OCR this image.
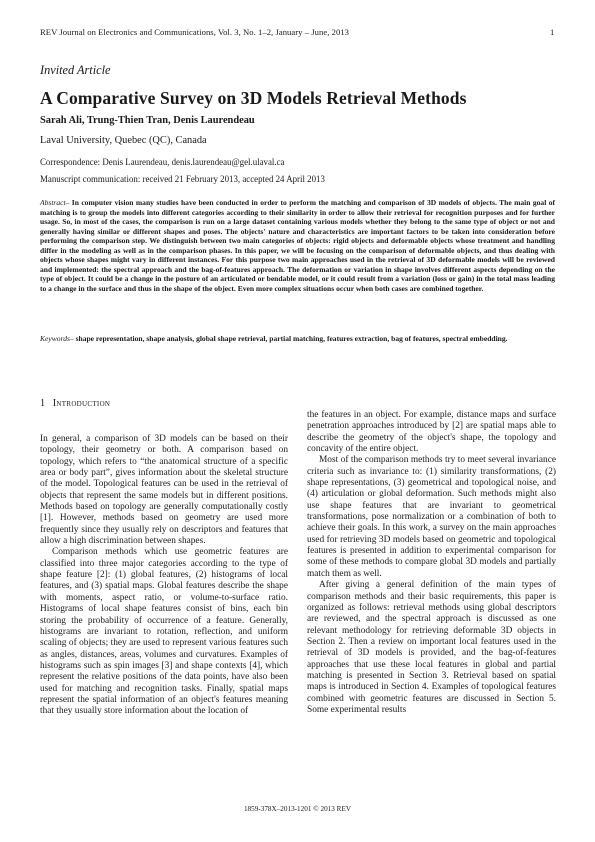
REV Journal on Electronics and Communications, Vol. 3, No. 1–2, January – June, 2013	1
Invited Article
A Comparative Survey on 3D Models Retrieval Methods
Sarah Ali, Trung-Thien Tran, Denis Laurendeau
Laval University, Quebec (QC), Canada
Correspondence: Denis Laurendeau, denis.laurendeau@gel.ulaval.ca
Manuscript communication: received 21 February 2013, accepted 24 April 2013
Abstract– In computer vision many studies have been conducted in order to perform the matching and comparison of 3D models of objects. The main goal of matching is to group the models into different categories according to their similarity in order to allow their retrieval for recognition purposes and for further usage. So, in most of the cases, the comparison is run on a large dataset containing various models whether they belong to the same type of object or not and generally having similar or different shapes and poses. The objects' nature and characteristics are important factors to be taken into consideration before performing the comparison step. We distinguish between two main categories of objects: rigid objects and deformable objects whose treatment and handling differ in the modeling as well as in the comparison phases. In this paper, we will be focusing on the comparison of deformable objects, and thus dealing with objects whose shapes might vary in different instances. For this purpose two main approaches used in the retrieval of 3D deformable models will be reviewed and implemented: the spectral approach and the bag-of-features approach. The deformation or variation in shape involves different aspects depending on the type of object. It could be a change in the posture of an articulated or bendable model, or it could result from a variation (loss or gain) in the total mass leading to a change in the surface and thus in the shape of the object. Even more complex situations occur when both cases are combined together.
Keywords– shape representation, shape analysis, global shape retrieval, partial matching, features extraction, bag of features, spectral embedding.
1 Introduction

In general, a comparison of 3D models can be based on their topology, their geometry or both. A comparison based on topology, which refers to “the anatomical structure of a specific area or body part”, gives information about the skeletal structure of the model. Topological features can be used in the retrieval of objects that represent the same models but in different positions. Methods based on topology are generally computationally costly [1]. However, methods based on geometry are used more frequently since they usually rely on descriptors and features that allow a high discrimination between shapes.

Comparison methods which use geometric features are classified into three major categories according to the type of shape feature [2]: (1) global features, (2) histograms of local features, and (3) spatial maps. Global features describe the shape with moments, aspect ratio, or volume-to-surface ratio. Histograms of local shape features consist of bins, each bin storing the probability of occurrence of a feature. Generally, histograms are invariant to rotation, reflection, and uniform scaling of objects; they are used to represent various features such as angles, distances, areas, volumes and curvatures. Examples of histograms such as spin images [3] and shape contexts [4], which represent the relative positions of the data points, have also been used for matching and recognition tasks. Finally, spatial maps represent the spatial information of an object's features meaning that they usually store information about the location of

the features in an object. For example, distance maps and surface penetration approaches introduced by [2] are spatial maps able to describe the geometry of the object's shape, the topology and concavity of the entire object.

Most of the comparison methods try to meet several invariance criteria such as invariance to: (1) similarity transformations, (2) shape representations, (3) geometrical and topological noise, and (4) articulation or global deformation. Such methods might also use shape features that are invariant to geometrical transformations, pose normalization or a combination of both to achieve their goals. In this work, a survey on the main approaches used for retrieving 3D models based on geometric and topological features is presented in addition to experimental comparison for some of these methods to compare global 3D models and partially match them as well.

After giving a general definition of the main types of comparison methods and their basic requirements, this paper is organized as follows: retrieval methods using global descriptors are reviewed, and the spectral approach is discussed as one relevant methodology for retrieving deformable 3D objects in Section 2. Then a review on important local features used in the retrieval of 3D models is provided, and the bag-of-features approaches that use these local features in global and partial matching is presented in Section 3. Retrieval based on spatial maps is introduced in Section 4. Examples of topological features combined with geometric features are discussed in Section 5. Some experimental results

1859-378X–2013-1201 © 2013 REV
